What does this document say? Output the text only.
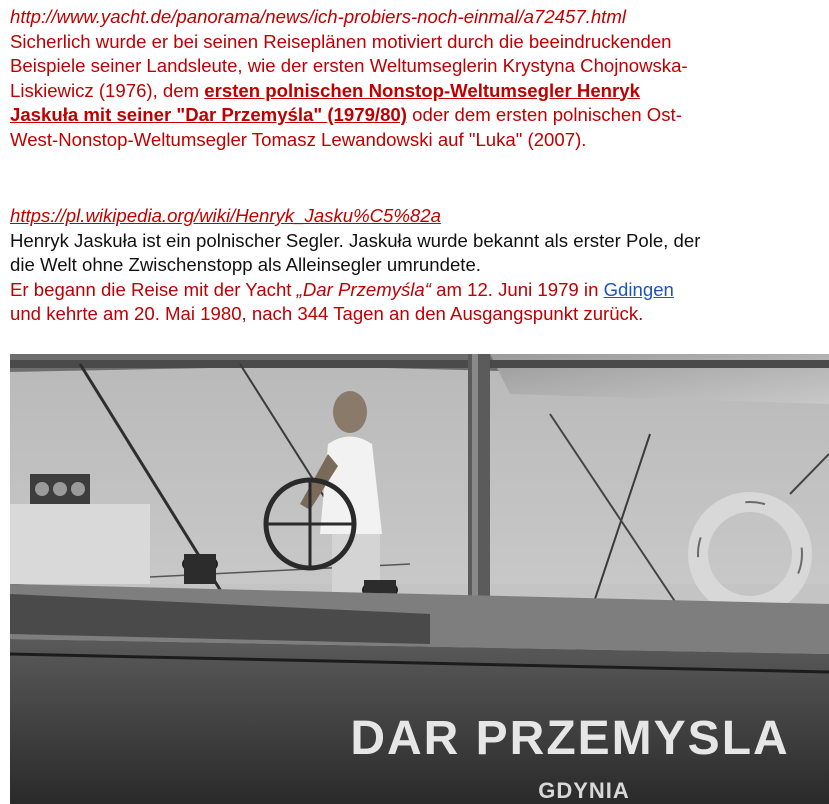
http://www.yacht.de/panorama/news/ich-probiers-noch-einmal/a72457.html
Sicherlich wurde er bei seinen Reiseplänen motiviert durch die beeindruckenden
Beispiele seiner Landsleute, wie der ersten Weltumseglerin Krystyna Chojnowska-
Liskiewicz (1976), dem ersten polnischen Nonstop-Weltumsegler Henryk
Jaskuła mit seiner "Dar Przemyśla" (1979/80) oder dem ersten polnischen Ost-
West-Nonstop-Weltumsegler Tomasz Lewandowski auf "Luka" (2007).
https://pl.wikipedia.org/wiki/Henryk_Jasku%C5%82a
Henryk Jaskuła ist ein polnischer Segler. Jaskuła wurde bekannt als erster Pole, der
die Welt ohne Zwischenstopp als Alleinsegler umrundete.
Er begann die Reise mit der Yacht „Dar Przemyśla“ am 12. Juni 1979 in Gdingen
und kehrte am 20. Mai 1980, nach 344 Tagen an den Ausgangspunkt zurück.
DAR PRZEMYSLA
GDYNIA
